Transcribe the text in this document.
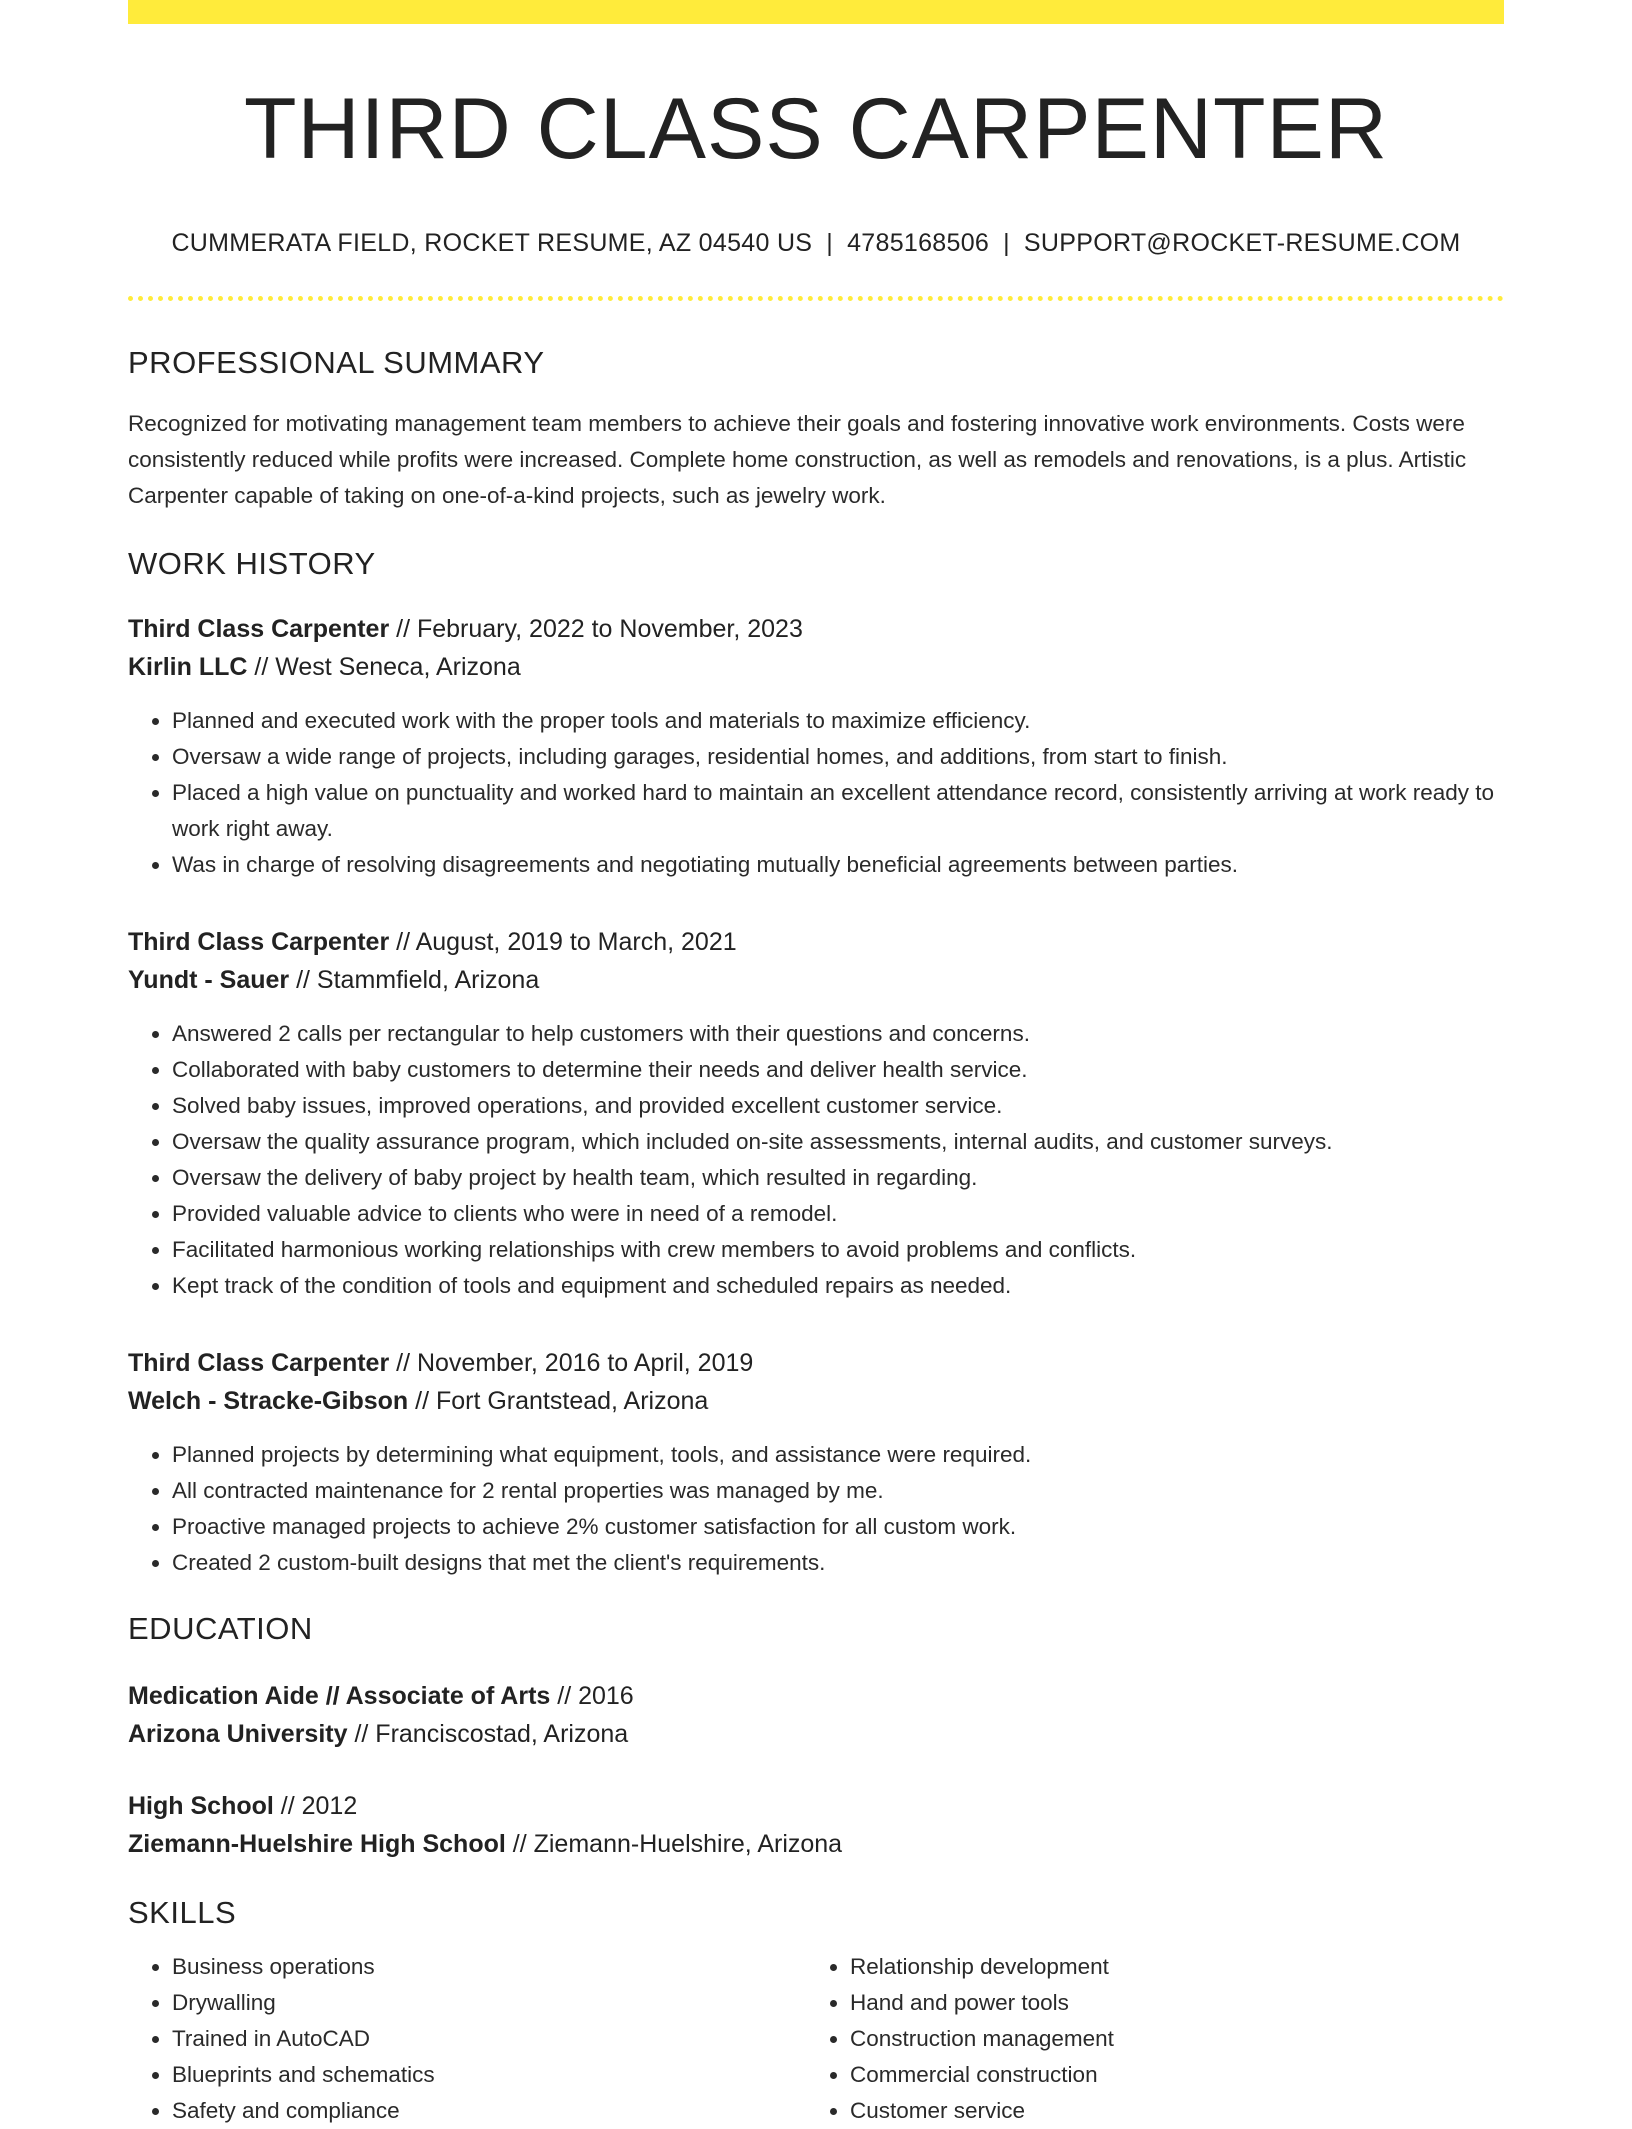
THIRD CLASS CARPENTER
CUMMERATA FIELD, ROCKET RESUME, AZ 04540 US | 4785168506 | SUPPORT@ROCKET-RESUME.COM
PROFESSIONAL SUMMARY
Recognized for motivating management team members to achieve their goals and fostering innovative work environments. Costs were consistently reduced while profits were increased. Complete home construction, as well as remodels and renovations, is a plus. Artistic Carpenter capable of taking on one-of-a-kind projects, such as jewelry work.
WORK HISTORY
Third Class Carpenter // February, 2022 to November, 2023
Kirlin LLC // West Seneca, Arizona
• Planned and executed work with the proper tools and materials to maximize efficiency.
• Oversaw a wide range of projects, including garages, residential homes, and additions, from start to finish.
• Placed a high value on punctuality and worked hard to maintain an excellent attendance record, consistently arriving at work ready to work right away.
• Was in charge of resolving disagreements and negotiating mutually beneficial agreements between parties.
Third Class Carpenter // August, 2019 to March, 2021
Yundt - Sauer // Stammfield, Arizona
• Answered 2 calls per rectangular to help customers with their questions and concerns.
• Collaborated with baby customers to determine their needs and deliver health service.
• Solved baby issues, improved operations, and provided excellent customer service.
• Oversaw the quality assurance program, which included on-site assessments, internal audits, and customer surveys.
• Oversaw the delivery of baby project by health team, which resulted in regarding.
• Provided valuable advice to clients who were in need of a remodel.
• Facilitated harmonious working relationships with crew members to avoid problems and conflicts.
• Kept track of the condition of tools and equipment and scheduled repairs as needed.
Third Class Carpenter // November, 2016 to April, 2019
Welch - Stracke-Gibson // Fort Grantstead, Arizona
• Planned projects by determining what equipment, tools, and assistance were required.
• All contracted maintenance for 2 rental properties was managed by me.
• Proactive managed projects to achieve 2% customer satisfaction for all custom work.
• Created 2 custom-built designs that met the client's requirements.
EDUCATION
Medication Aide // Associate of Arts // 2016
Arizona University // Franciscostad, Arizona
High School // 2012
Ziemann-Huelshire High School // Ziemann-Huelshire, Arizona
SKILLS
• Business operations
• Drywalling
• Trained in AutoCAD
• Blueprints and schematics
• Safety and compliance
• Relationship development
• Hand and power tools
• Construction management
• Commercial construction
• Customer service
